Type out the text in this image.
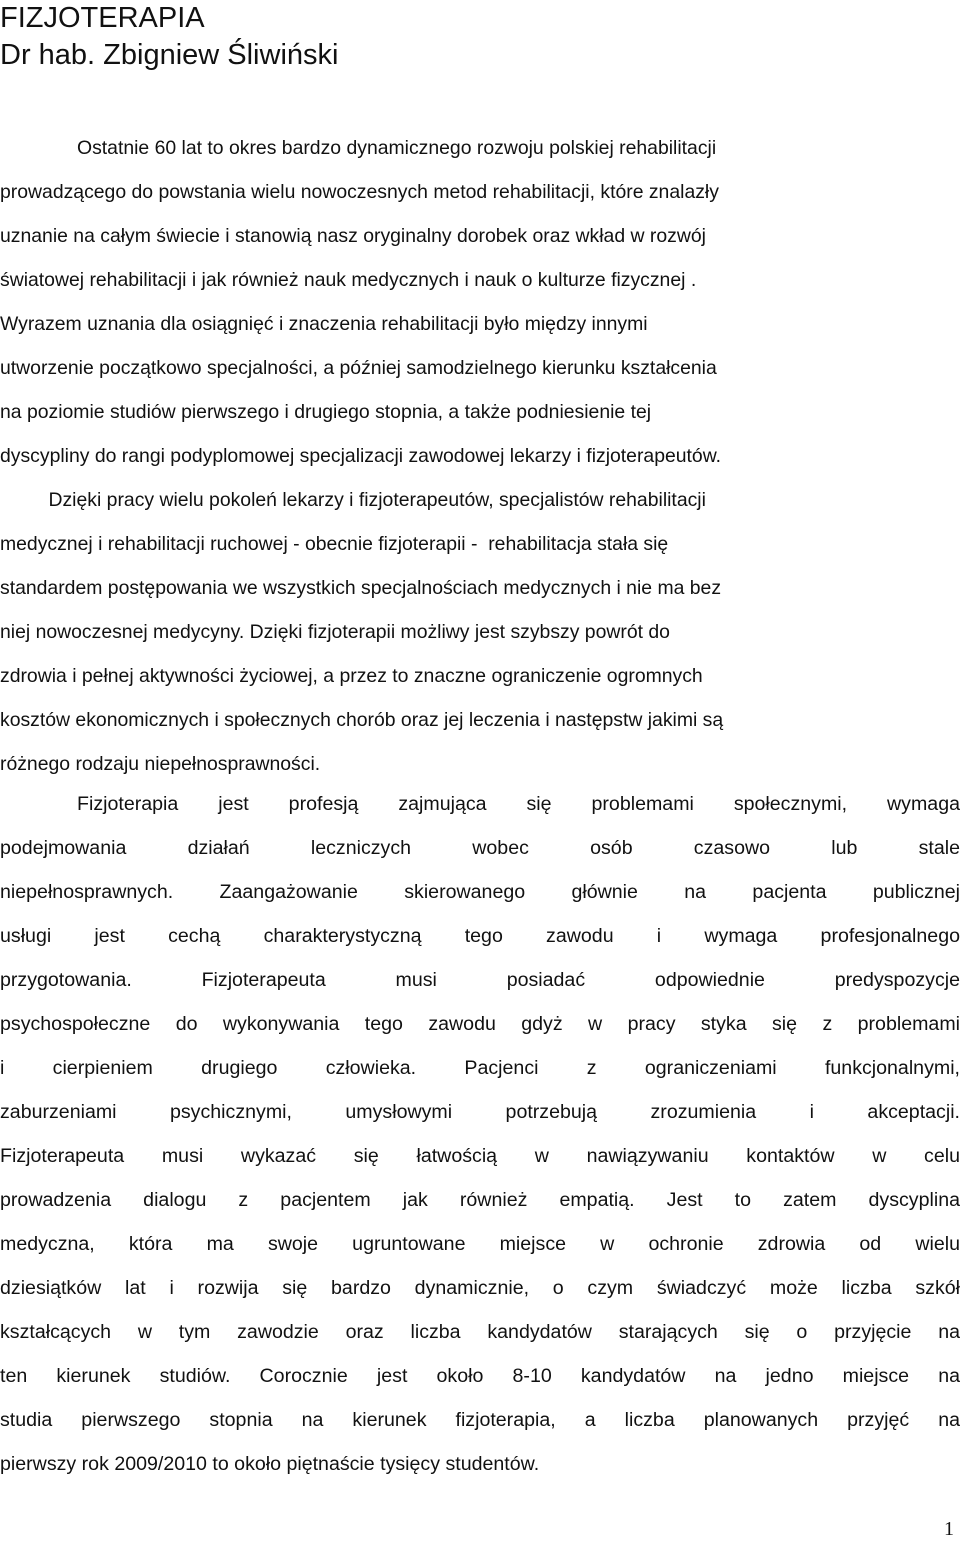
FIZJOTERAPIA
Dr hab. Zbigniew Śliwiński
Ostatnie 60 lat to okres bardzo dynamicznego rozwoju polskiej rehabilitacji
prowadzącego do powstania wielu nowoczesnych metod rehabilitacji, które znalazły
uznanie na całym świecie i stanowią nasz oryginalny dorobek oraz wkład w rozwój
światowej rehabilitacji i jak również nauk medycznych i nauk o kulturze fizycznej .
Wyrazem uznania dla osiągnięć i znaczenia rehabilitacji było między innymi
utworzenie początkowo specjalności, a później samodzielnego kierunku kształcenia
na poziomie studiów pierwszego i drugiego stopnia, a także podniesienie tej
dyscypliny do rangi podyplomowej specjalizacji zawodowej lekarzy i fizjoterapeutów.
Dzięki pracy wielu pokoleń lekarzy i fizjoterapeutów, specjalistów rehabilitacji
medycznej i rehabilitacji ruchowej - obecnie fizjoterapii -  rehabilitacja stała się
standardem postępowania we wszystkich specjalnościach medycznych i nie ma bez
niej nowoczesnej medycyny. Dzięki fizjoterapii możliwy jest szybszy powrót do
zdrowia i pełnej aktywności życiowej, a przez to znaczne ograniczenie ogromnych
kosztów ekonomicznych i społecznych chorób oraz jej leczenia i następstw jakimi są
różnego rodzaju niepełnosprawności.
Fizjoterapia jest profesją zajmująca się problemami społecznymi, wymaga
podejmowania działań leczniczych wobec osób czasowo lub stale
niepełnosprawnych. Zaangażowanie skierowanego głównie na pacjenta publicznej
usługi jest cechą charakterystyczną tego zawodu i wymaga profesjonalnego
przygotowania. Fizjoterapeuta musi posiadać odpowiednie predyspozycje
psychospołeczne do wykonywania tego zawodu gdyż w pracy styka się z problemami
i cierpieniem drugiego człowieka. Pacjenci z ograniczeniami funkcjonalnymi,
zaburzeniami psychicznymi, umysłowymi potrzebują zrozumienia i akceptacji.
Fizjoterapeuta musi wykazać się łatwością w nawiązywaniu kontaktów w celu
prowadzenia dialogu z pacjentem jak również empatią. Jest to zatem dyscyplina
medyczna, która ma swoje ugruntowane miejsce w ochronie zdrowia od wielu
dziesiątków lat i rozwija się bardzo dynamicznie, o czym świadczyć może liczba szkół
kształcących w tym zawodzie oraz liczba kandydatów starających się o przyjęcie na
ten kierunek studiów. Corocznie jest około 8-10 kandydatów na jedno miejsce na
studia pierwszego stopnia na kierunek fizjoterapia, a liczba planowanych przyjęć na
pierwszy rok 2009/2010 to około piętnaście tysięcy studentów.
1
